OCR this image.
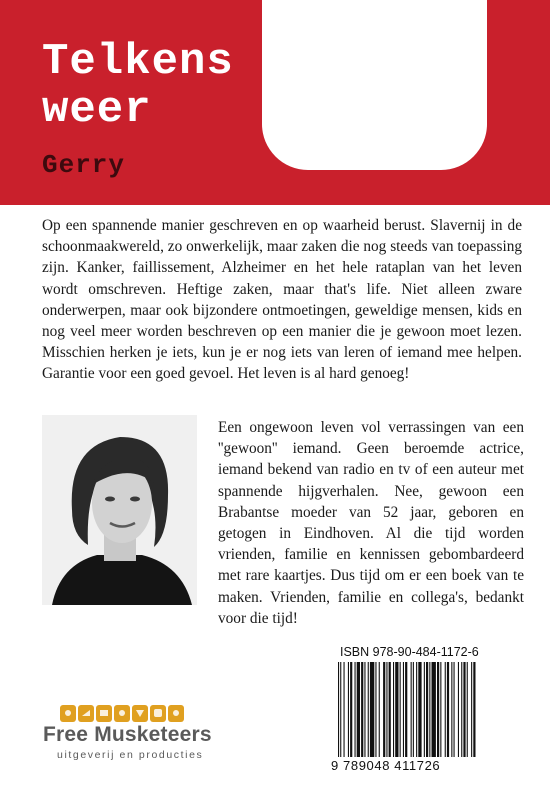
Telkens
weer
Gerry

Op een spannende manier geschreven en op waarheid berust. Slavernij in de schoonmaakwereld, zo onwerkelijk, maar zaken die nog steeds van toepassing zijn. Kanker, faillissement, Alzheimer en het hele rataplan van het leven wordt omschreven. Heftige zaken, maar that's life. Niet alleen zware onderwerpen, maar ook bijzondere ontmoetingen, geweldige mensen, kids en nog veel meer worden beschreven op een manier die je gewoon moet lezen. Misschien herken je iets, kun je er nog iets van leren of iemand mee helpen. Garantie voor een goed gevoel. Het leven is al hard genoeg!

Een ongewoon leven vol verrassingen van een ''gewoon'' iemand. Geen beroemde actrice, iemand bekend van radio en tv of een auteur met spannende hijgverhalen. Nee, gewoon een Brabantse moeder van 52 jaar, geboren en getogen in Eindhoven. Al die tijd worden vrienden, familie en kennissen gebombardeerd met rare kaartjes. Dus tijd om er een boek van te maken. Vrienden, familie en collega's, bedankt voor die tijd!

ISBN 978-90-484-1172-6
9 789048 411726
Free Musketeers
uitgeverij en producties
